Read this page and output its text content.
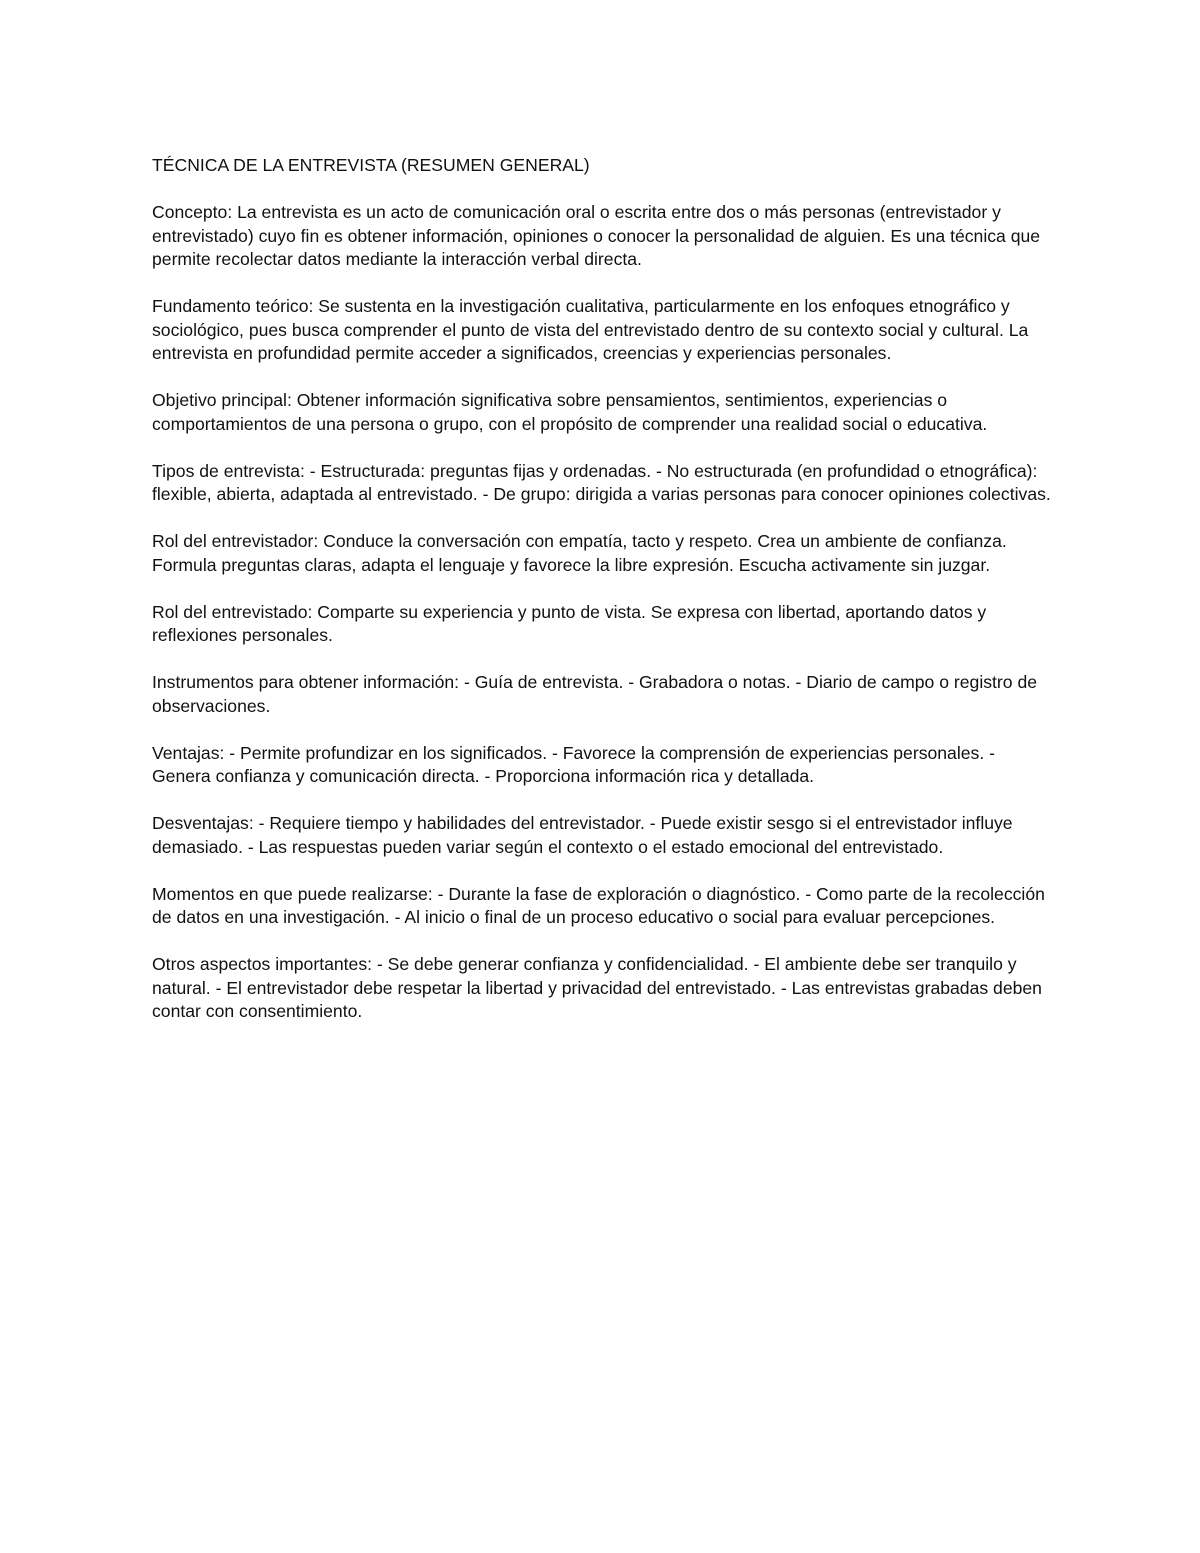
TÉCNICA DE LA ENTREVISTA (RESUMEN GENERAL)

Concepto: La entrevista es un acto de comunicación oral o escrita entre dos o más personas (entrevistador y entrevistado) cuyo fin es obtener información, opiniones o conocer la personalidad de alguien. Es una técnica que permite recolectar datos mediante la interacción verbal directa.

Fundamento teórico: Se sustenta en la investigación cualitativa, particularmente en los enfoques etnográfico y sociológico, pues busca comprender el punto de vista del entrevistado dentro de su contexto social y cultural. La entrevista en profundidad permite acceder a significados, creencias y experiencias personales.

Objetivo principal: Obtener información significativa sobre pensamientos, sentimientos, experiencias o comportamientos de una persona o grupo, con el propósito de comprender una realidad social o educativa.

Tipos de entrevista: - Estructurada: preguntas fijas y ordenadas. - No estructurada (en profundidad o etnográfica): flexible, abierta, adaptada al entrevistado. - De grupo: dirigida a varias personas para conocer opiniones colectivas.

Rol del entrevistador: Conduce la conversación con empatía, tacto y respeto. Crea un ambiente de confianza. Formula preguntas claras, adapta el lenguaje y favorece la libre expresión. Escucha activamente sin juzgar.

Rol del entrevistado: Comparte su experiencia y punto de vista. Se expresa con libertad, aportando datos y reflexiones personales.

Instrumentos para obtener información: - Guía de entrevista. - Grabadora o notas. - Diario de campo o registro de observaciones.

Ventajas: - Permite profundizar en los significados. - Favorece la comprensión de experiencias personales. - Genera confianza y comunicación directa. - Proporciona información rica y detallada.

Desventajas: - Requiere tiempo y habilidades del entrevistador. - Puede existir sesgo si el entrevistador influye demasiado. - Las respuestas pueden variar según el contexto o el estado emocional del entrevistado.

Momentos en que puede realizarse: - Durante la fase de exploración o diagnóstico. - Como parte de la recolección de datos en una investigación. - Al inicio o final de un proceso educativo o social para evaluar percepciones.

Otros aspectos importantes: - Se debe generar confianza y confidencialidad. - El ambiente debe ser tranquilo y natural. - El entrevistador debe respetar la libertad y privacidad del entrevistado. - Las entrevistas grabadas deben contar con consentimiento.
